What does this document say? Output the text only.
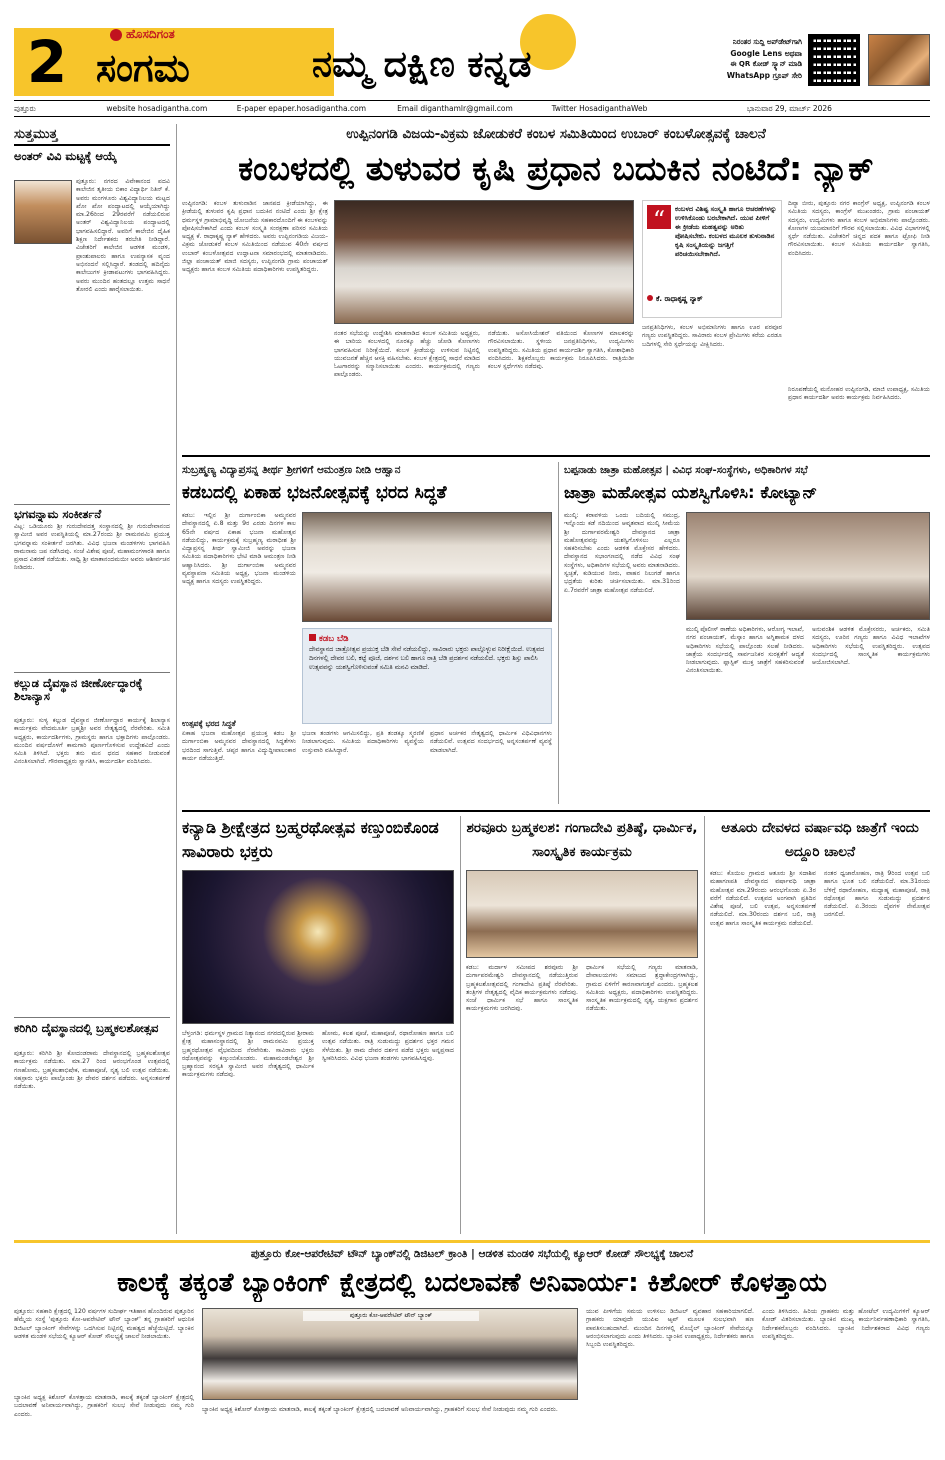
2	ಹೊಸದಿಗಂತ
ಸಂಗಮ	ನಮ್ಮ ದಕ್ಷಿಣ ಕನ್ನಡ
ನಿರಂತರ ಸುದ್ದಿ ಅಪ್‌ಡೇಟ್‌ಗಾಗಿ
Google Lens ಅಥವಾ
ಈ QR ಕೋಡ್ ಸ್ಕ್ಯಾನ್ ಮಾಡಿ
WhatsApp ಗ್ರೂಪ್ ಸೇರಿ
ಪುತ್ತೂರು	website hosadigantha.com	E-paper epaper.hosadigantha.com	Email diganthamlr@gmail.com	Twitter HosadiganthaWeb	ಭಾನುವಾರ 29, ಮಾರ್ಚ್ 2026
ಸುತ್ತಮುತ್ತ
ಅಂತರ್ ವಿವಿ ಮಟ್ಟಕ್ಕೆ ಆಯ್ಕೆ
ಪುತ್ತೂರು: ನಗರದ ವಿವೇಕಾನಂದ ಪದವಿ ಕಾಲೇಜಿನ ತೃತೀಯ ಬಿಕಾಂ ವಿದ್ಯಾರ್ಥಿ ನಿತಿನ್ ಕೆ. ಅವರು ಮಂಗಳೂರು ವಿಶ್ವವಿದ್ಯಾನಿಲಯ ಮಟ್ಟದ ಖೋ ಖೋ ಪಂದ್ಯಾಟದಲ್ಲಿ ಆಯ್ಕೆಯಾಗಿದ್ದು ಮಾ.26ರಿಂದ 29ರವರೆಗೆ ನಡೆಯಲಿರುವ ಅಂತರ್ ವಿಶ್ವವಿದ್ಯಾನಿಲಯ ಪಂದ್ಯಾಟದಲ್ಲಿ ಭಾಗವಹಿಸಲಿದ್ದಾರೆ. ಅವರಿಗೆ ಕಾಲೇಜಿನ ದೈಹಿಕ ಶಿಕ್ಷಣ ನಿರ್ದೇಶಕರು ತರಬೇತಿ ನೀಡಿದ್ದಾರೆ. ವಿಜೇತರಿಗೆ ಕಾಲೇಜಿನ ಆಡಳಿತ ಮಂಡಳಿ, ಪ್ರಾಂಶುಪಾಲರು ಹಾಗೂ ಉಪನ್ಯಾಸಕ ವೃಂದ ಅಭಿನಂದನೆ ಸಲ್ಲಿಸಿದ್ದಾರೆ. ತಂಡದಲ್ಲಿ ಹದಿನೈದು ಕಾಲೇಜುಗಳ ಕ್ರೀಡಾಪಟುಗಳು ಭಾಗವಹಿಸಿದ್ದರು. ಅವರು ಮುಂದಿನ ಹಂತದಲ್ಲೂ ಉತ್ತಮ ಸಾಧನೆ ತೋರಲಿ ಎಂದು ಹಾರೈಸಲಾಯಿತು.
ಭಗವನ್ನಾಮ ಸಂಕೀರ್ತನೆ
ವಿಟ್ಲ: ಒಡಿಯೂರು ಶ್ರೀ ಗುರುದೇವದತ್ತ ಸಂಸ್ಥಾನದಲ್ಲಿ ಶ್ರೀ ಗುರುದೇವಾನಂದ ಸ್ವಾಮೀಜಿ ಅವರ ಉಪಸ್ಥಿತಿಯಲ್ಲಿ ಮಾ.27ರಂದು ಶ್ರೀ ರಾಮನವಮಿ ಪ್ರಯುಕ್ತ ಭಗವನ್ನಾಮ ಸಂಕೀರ್ತನೆ ಜರಗಿತು. ವಿವಿಧ ಭಜನಾ ಮಂಡಳಿಗಳು ಭಾಗವಹಿಸಿ ರಾಮನಾಮ ಜಪ ನಡೆಸಿದವು. ಸಂಜೆ ವಿಶೇಷ ಪೂಜೆ, ಮಹಾಮಂಗಳಾರತಿ ಹಾಗೂ ಪ್ರಸಾದ ವಿತರಣೆ ನಡೆಯಿತು. ಸಾಧ್ವಿ ಶ್ರೀ ಮಾತಾನಂದಮಯೀ ಅವರು ಆಶೀರ್ವಚನ ನೀಡಿದರು.
ಕಲ್ಲುಡ ದೈವಸ್ಥಾನ ಜೀರ್ಣೋದ್ಧಾರಕ್ಕೆ ಶಿಲಾನ್ಯಾಸ
ಪುತ್ತೂರು: ಸುಳ್ಯ ಕಲ್ಲುಡ ದೈವಸ್ಥಾನ ಜೀರ್ಣೋದ್ಧಾರ ಕಾರ್ಯಕ್ಕೆ ಶಿಲಾನ್ಯಾಸ ಕಾರ್ಯಕ್ರಮ ವೇದಮೂರ್ತಿ ಬ್ರಹ್ಮಶ್ರೀ ಅವರ ನೇತೃತ್ವದಲ್ಲಿ ನೆರವೇರಿತು. ಸಮಿತಿ ಅಧ್ಯಕ್ಷರು, ಕಾರ್ಯದರ್ಶಿಗಳು, ಗ್ರಾಮಸ್ಥರು ಹಾಗೂ ಭಕ್ತಾದಿಗಳು ಪಾಲ್ಗೊಂಡರು. ಮುಂದಿನ ವರ್ಷದೊಳಗೆ ಕಾಮಗಾರಿ ಪೂರ್ಣಗೊಳಿಸುವ ಉದ್ದೇಶವಿದೆ ಎಂದು ಸಮಿತಿ ತಿಳಿಸಿದೆ. ಭಕ್ತರು ತನು ಮನ ಧನದ ಸಹಕಾರ ನೀಡುವಂತೆ ವಿನಂತಿಸಲಾಗಿದೆ. ಗೌರವಾಧ್ಯಕ್ಷರು ಸ್ವಾಗತಿಸಿ, ಕಾರ್ಯದರ್ಶಿ ವಂದಿಸಿದರು.
ಕರಿಗಿರಿ ದೈವಸ್ಥಾನದಲ್ಲಿ ಬ್ರಹ್ಮಕಲಶೋತ್ಸವ
ಪುತ್ತೂರು: ಕರಿಗಿರಿ ಶ್ರೀ ಕೋದಂಡರಾಮ ದೇವಸ್ಥಾನದಲ್ಲಿ ಬ್ರಹ್ಮಕಲಶೋತ್ಸವ ಕಾರ್ಯಕ್ರಮ ನಡೆಯಿತು. ಮಾ.27 ರಿಂದ ಆರಂಭಗೊಂಡ ಉತ್ಸವದಲ್ಲಿ ಗಣಹೋಮ, ಬ್ರಹ್ಮಕಲಶಾಭಿಷೇಕ, ಮಹಾಪೂಜೆ, ನೃತ್ಯ ಬಲಿ ಉತ್ಸವ ನಡೆಯಿತು. ಸಹಸ್ರಾರು ಭಕ್ತರು ಪಾಲ್ಗೊಂಡು ಶ್ರೀ ದೇವರ ದರ್ಶನ ಪಡೆದರು. ಅನ್ನಸಂತರ್ಪಣೆ ನಡೆಯಿತು.
ಉಪ್ಪಿನಂಗಡಿ ವಿಜಯ-ವಿಕ್ರಮ ಜೋಡುಕರೆ ಕಂಬಳ ಸಮಿತಿಯಿಂದ ಉಬಾರ್ ಕಂಬಳೋತ್ಸವಕ್ಕೆ ಚಾಲನೆ
ಕಂಬಳದಲ್ಲಿ ತುಳುವರ ಕೃಷಿ ಪ್ರಧಾನ ಬದುಕಿನ ನಂಟಿದೆ: ನ್ಯಾಕ್
ಉಪ್ಪಿನಂಗಡಿ: ಕಂಬಳ ತುಳುನಾಡಿನ ಜಾನಪದ ಕ್ರೀಡೆಯಾಗಿದ್ದು, ಈ ಕ್ರೀಡೆಯಲ್ಲಿ ತುಳುವರ ಕೃಷಿ ಪ್ರಧಾನ ಬದುಕಿನ ನಂಟಿದೆ ಎಂದು ಶ್ರೀ ಕ್ಷೇತ್ರ ಧರ್ಮಸ್ಥಳ ಗ್ರಾಮಾಭಿವೃದ್ಧಿ ಯೋಜನೆಯ ಸಹಕಾರದೊಂದಿಗೆ ಈ ಕಂಬಳವನ್ನು ಪೋಷಿಸಬೇಕಾಗಿದೆ ಎಂದು ಕಂಬಳ ಸಂಸ್ಕೃತಿ ಸಂರಕ್ಷಣಾ ಪರಿಸರ ಸಮಿತಿಯ ಅಧ್ಯಕ್ಷ ಕೆ. ರಾಧಾಕೃಷ್ಣ ನ್ಯಾಕ್ ಹೇಳಿದರು. ಅವರು ಉಪ್ಪಿನಂಗಡಿಯ ವಿಜಯ-ವಿಕ್ರಮ ಜೋಡುಕರೆ ಕಂಬಳ ಸಮಿತಿಯಿಂದ ನಡೆಯುವ 40ನೇ ವರ್ಷದ ಉಬಾರ್ ಕಂಬಳೋತ್ಸವದ ಉದ್ಘಾಟನಾ ಸಮಾರಂಭದಲ್ಲಿ ಮಾತನಾಡಿದರು. ಜಿಲ್ಲಾ ಪಂಚಾಯತ್ ಮಾಜಿ ಸದಸ್ಯರು, ಉಪ್ಪಿನಂಗಡಿ ಗ್ರಾಮ ಪಂಚಾಯತ್ ಅಧ್ಯಕ್ಷರು ಹಾಗೂ ಕಂಬಳ ಸಮಿತಿಯ ಪದಾಧಿಕಾರಿಗಳು ಉಪಸ್ಥಿತರಿದ್ದರು.
ನಂತರ ಸಭೆಯನ್ನು ಉದ್ದೇಶಿಸಿ ಮಾತನಾಡಿದ ಕಂಬಳ ಸಮಿತಿಯ ಅಧ್ಯಕ್ಷರು, ಈ ಬಾರಿಯ ಕಂಬಳದಲ್ಲಿ ನೂರಕ್ಕೂ ಹೆಚ್ಚು ಜೋಡಿ ಕೋಣಗಳು ಭಾಗವಹಿಸುವ ನಿರೀಕ್ಷೆಯಿದೆ. ಕಂಬಳ ಕ್ರೀಡೆಯನ್ನು ಉಳಿಸುವ ನಿಟ್ಟಿನಲ್ಲಿ ಯುವಜನತೆ ಹೆಚ್ಚಿನ ಆಸಕ್ತಿ ವಹಿಸಬೇಕು. ಕಂಬಳ ಕ್ಷೇತ್ರದಲ್ಲಿ ಸಾಧನೆ ಮಾಡಿದ ಓಟಗಾರರನ್ನು ಸನ್ಮಾನಿಸಲಾಯಿತು ಎಂದರು. ಕಾರ್ಯಕ್ರಮದಲ್ಲಿ ಗಣ್ಯರು ಪಾಲ್ಗೊಂಡರು.
ನಡೆಯಿತು. ಅಸೋಸಿಯೇಶನ್ ವತಿಯಿಂದ ಕೋಣಗಳ ಮಾಲಕರನ್ನು ಗೌರವಿಸಲಾಯಿತು. ಸ್ಥಳೀಯ ಜನಪ್ರತಿನಿಧಿಗಳು, ಉದ್ಯಮಿಗಳು ಉಪಸ್ಥಿತರಿದ್ದರು. ಸಮಿತಿಯ ಪ್ರಧಾನ ಕಾರ್ಯದರ್ಶಿ ಸ್ವಾಗತಿಸಿ, ಕೋಶಾಧಿಕಾರಿ ವಂದಿಸಿದರು. ಶಿಕ್ಷಕರೊಬ್ಬರು ಕಾರ್ಯಕ್ರಮ ನಿರೂಪಿಸಿದರು. ರಾತ್ರಿಯಿಡೀ ಕಂಬಳ ಸ್ಪರ್ಧೆಗಳು ನಡೆದವು.
“	ಕಂಬಳದ ವಿಶಿಷ್ಟ ಸಂಸ್ಕೃತಿ ಹಾಗೂ ಆಚರಣೆಗಳನ್ನು ಉಳಿಸಿಕೊಂಡು ಬರಬೇಕಾಗಿದೆ. ಯುವ ಪೀಳಿಗೆ ಈ ಕ್ರೀಡೆಯ ಮಹತ್ವವನ್ನು ಅರಿತು ಪೋಷಿಸಬೇಕು. ಕಂಬಳದ ಮೂಲಕ ತುಳುನಾಡಿನ ಕೃಷಿ ಸಂಸ್ಕೃತಿಯನ್ನು ಜಗತ್ತಿಗೆ ಪರಿಚಯಿಸಬೇಕಾಗಿದೆ.
ಕೆ. ರಾಧಾಕೃಷ್ಣ ನ್ಯಾಕ್
ಜನಪ್ರತಿನಿಧಿಗಳು, ಕಂಬಳ ಅಭಿಮಾನಿಗಳು ಹಾಗೂ ಊರ ಪರವೂರ ಗಣ್ಯರು ಉಪಸ್ಥಿತರಿದ್ದರು. ಸಾವಿರಾರು ಕಂಬಳ ಪ್ರೇಮಿಗಳು ಕರೆಯ ಎರಡೂ ಬದಿಗಳಲ್ಲಿ ಸೇರಿ ಸ್ಪರ್ಧೆಯನ್ನು ವೀಕ್ಷಿಸಿದರು.
ದಿವ್ಯಾ ಬೀರು, ಪುತ್ತೂರು ನಗರ ಕಾಂಗ್ರೆಸ್ ಅಧ್ಯಕ್ಷ, ಉಪ್ಪಿನಂಗಡಿ ಕಂಬಳ ಸಮಿತಿಯ ಸದಸ್ಯರು, ಕಾಂಗ್ರೆಸ್ ಮುಖಂಡರು, ಗ್ರಾಮ ಪಂಚಾಯತ್ ಸದಸ್ಯರು, ಉದ್ಯಮಿಗಳು ಹಾಗೂ ಕಂಬಳ ಅಭಿಮಾನಿಗಳು ಪಾಲ್ಗೊಂಡರು. ಕೋಣಗಳ ಯಜಮಾನರಿಗೆ ಗೌರವ ಸಲ್ಲಿಸಲಾಯಿತು. ವಿವಿಧ ವಿಭಾಗಗಳಲ್ಲಿ ಸ್ಪರ್ಧೆ ನಡೆಯಿತು. ವಿಜೇತರಿಗೆ ಚಿನ್ನದ ಪದಕ ಹಾಗೂ ಟ್ರೋಫಿ ನೀಡಿ ಗೌರವಿಸಲಾಯಿತು. ಕಂಬಳ ಸಮಿತಿಯ ಕಾರ್ಯದರ್ಶಿ ಸ್ವಾಗತಿಸಿ, ವಂದಿಸಿದರು.
ನಿರೂಪಣೆಯಲ್ಲಿ ಮನೋಹರ ಉಪ್ಪಿನಂಗಡಿ, ಮಾಜಿ ಉಪಾಧ್ಯಕ್ಷ, ಸಮಿತಿಯ ಪ್ರಧಾನ ಕಾರ್ಯದರ್ಶಿ ಅವರು ಕಾರ್ಯಕ್ರಮ ನಿರ್ವಹಿಸಿದರು.
ಸುಬ್ರಹ್ಮಣ್ಯ ವಿದ್ಯಾಪ್ರಸನ್ನ ತೀರ್ಥ ಶ್ರೀಗಳಿಗೆ ಆಮಂತ್ರಣ ನೀಡಿ ಆಹ್ವಾನ
ಕಡಬದಲ್ಲಿ ಏಕಾಹ ಭಜನೋತ್ಸವಕ್ಕೆ ಭರದ ಸಿದ್ಧತೆ
ಕಡಬ: ಇಲ್ಲಿನ ಶ್ರೀ ದುರ್ಗಾಂಬಿಕಾ ಅಮ್ಮನವರ ದೇವಸ್ಥಾನದಲ್ಲಿ ಏ.8 ಮತ್ತು 9ರ ಎರಡು ದಿನಗಳ ಕಾಲ 65ನೇ ವರ್ಷದ ಏಕಾಹ ಭಜನಾ ಮಹೋತ್ಸವ ನಡೆಯಲಿದ್ದು, ಕಾರ್ಯಕ್ರಮಕ್ಕೆ ಸುಬ್ರಹ್ಮಣ್ಯ ಮಠಾಧೀಶ ಶ್ರೀ ವಿದ್ಯಾಪ್ರಸನ್ನ ತೀರ್ಥ ಸ್ವಾಮೀಜಿ ಅವರನ್ನು ಭಜನಾ ಸಮಿತಿಯ ಪದಾಧಿಕಾರಿಗಳು ಭೇಟಿ ಮಾಡಿ ಆಮಂತ್ರಣ ನೀಡಿ ಆಹ್ವಾನಿಸಿದರು. ಶ್ರೀ ದುರ್ಗಾಂಬಿಕಾ ಅಮ್ಮನವರ ವ್ಯವಸ್ಥಾಪನಾ ಸಮಿತಿಯ ಅಧ್ಯಕ್ಷ, ಭಜನಾ ಮಂಡಳಿಯ ಅಧ್ಯಕ್ಷ ಹಾಗೂ ಸದಸ್ಯರು ಉಪಸ್ಥಿತರಿದ್ದರು.
ಉತ್ಸವಕ್ಕೆ ಭರದ ಸಿದ್ಧತೆ
ಏಕಾಹ ಭಜನಾ ಮಹೋತ್ಸವ ಪ್ರಯುಕ್ತ ಕಡಬ ಶ್ರೀ ದುರ್ಗಾಂಬಿಕಾ ಅಮ್ಮನವರ ದೇವಸ್ಥಾನದಲ್ಲಿ ಸಿದ್ಧತೆಗಳು ಭರದಿಂದ ಸಾಗುತ್ತಿವೆ. ಚಪ್ಪರ ಹಾಗೂ ವಿದ್ಯುದ್ದೀಪಾಲಂಕಾರ ಕಾರ್ಯ ನಡೆಯುತ್ತಿದೆ.
ಕಡಬ ಬೆಡಿ
ದೇವಸ್ಥಾನದ ಜಾತ್ರೋತ್ಸವ ಪ್ರಯುಕ್ತ ಬೆಡಿ ಸೇವೆ ನಡೆಯಲಿದ್ದು, ಸಾವಿರಾರು ಭಕ್ತರು ಪಾಲ್ಗೊಳ್ಳುವ ನಿರೀಕ್ಷೆಯಿದೆ. ಉತ್ಸವದ ದಿನಗಳಲ್ಲಿ ದೇವರ ಬಲಿ, ಕಟ್ಟೆ ಪೂಜೆ, ದರ್ಶನ ಬಲಿ ಹಾಗೂ ರಾತ್ರಿ ಬೆಡಿ ಪ್ರದರ್ಶನ ನಡೆಯಲಿದೆ. ಭಕ್ತರು ಶಿಸ್ತು ಪಾಲಿಸಿ ಉತ್ಸವವನ್ನು ಯಶಸ್ವಿಗೊಳಿಸುವಂತೆ ಸಮಿತಿ ಮನವಿ ಮಾಡಿದೆ.
ಭಜನಾ ತಂಡಗಳು ಆಗಮಿಸಲಿದ್ದು, ಪ್ರತಿ ತಂಡಕ್ಕೂ ಸ್ಮರಣಿಕೆ ನೀಡಲಾಗುವುದು. ಸಮಿತಿಯ ಪದಾಧಿಕಾರಿಗಳು ವ್ಯವಸ್ಥೆಯ ಉಸ್ತುವಾರಿ ವಹಿಸಿದ್ದಾರೆ.
ಪ್ರಧಾನ ಅರ್ಚಕರ ನೇತೃತ್ವದಲ್ಲಿ ಧಾರ್ಮಿಕ ವಿಧಿವಿಧಾನಗಳು ನಡೆಯಲಿವೆ. ಉತ್ಸವದ ಸಂದರ್ಭದಲ್ಲಿ ಅನ್ನಸಂತರ್ಪಣೆ ವ್ಯವಸ್ಥೆ ಮಾಡಲಾಗಿದೆ.
ಬಪ್ಪನಾಡು ಜಾತ್ರಾ ಮಹೋತ್ಸವ | ವಿವಿಧ ಸಂಘ-ಸಂಸ್ಥೆಗಳು, ಅಧಿಕಾರಿಗಳ ಸಭೆ
ಜಾತ್ರಾ ಮಹೋತ್ಸವ ಯಶಸ್ವಿಗೊಳಿಸಿ: ಕೋಟ್ಯಾನ್
ಮುಲ್ಕಿ: ಕರಾವಳಿಯ ಒಂದು ಬದಿಯಲ್ಲಿ ಸಮುದ್ರ, ಇನ್ನೊಂದು ಕಡೆ ನದಿಯಿಂದ ಆವೃತವಾದ ಮುಲ್ಕಿ ಸೀಮೆಯ ಶ್ರೀ ದುರ್ಗಾಪರಮೇಶ್ವರಿ ದೇವಸ್ಥಾನದ ಜಾತ್ರಾ ಮಹೋತ್ಸವವನ್ನು ಯಶಸ್ವಿಗೊಳಿಸಲು ಎಲ್ಲರೂ ಸಹಕರಿಸಬೇಕು ಎಂದು ಆಡಳಿತ ಮೊಕ್ತೇಸರ ಹೇಳಿದರು. ದೇವಸ್ಥಾನದ ಸಭಾಂಗಣದಲ್ಲಿ ನಡೆದ ವಿವಿಧ ಸಂಘ ಸಂಸ್ಥೆಗಳು, ಅಧಿಕಾರಿಗಳ ಸಭೆಯಲ್ಲಿ ಅವರು ಮಾತನಾಡಿದರು. ಸ್ವಚ್ಛತೆ, ಕುಡಿಯುವ ನೀರು, ವಾಹನ ನಿಲುಗಡೆ ಹಾಗೂ ಭದ್ರತೆಯ ಕುರಿತು ಚರ್ಚಿಸಲಾಯಿತು. ಮಾ.31ರಿಂದ ಏ.7ರವರೆಗೆ ಜಾತ್ರಾ ಮಹೋತ್ಸವ ನಡೆಯಲಿದೆ.
ಮುಲ್ಕಿ ಪೊಲೀಸ್ ಠಾಣೆಯ ಅಧಿಕಾರಿಗಳು, ಆರೋಗ್ಯ ಇಲಾಖೆ, ನಗರ ಪಂಚಾಯತ್, ಮೆಸ್ಕಾಂ ಹಾಗೂ ಅಗ್ನಿಶಾಮಕ ದಳದ ಅಧಿಕಾರಿಗಳು ಸಭೆಯಲ್ಲಿ ಪಾಲ್ಗೊಂಡು ಸಲಹೆ ನೀಡಿದರು. ಜಾತ್ರೆಯ ಸಂದರ್ಭದಲ್ಲಿ ಸಾರ್ವಜನಿಕರ ಸುರಕ್ಷತೆಗೆ ಆದ್ಯತೆ ನೀಡಲಾಗುವುದು. ಪ್ಲಾಸ್ಟಿಕ್ ಮುಕ್ತ ಜಾತ್ರೆಗೆ ಸಹಕರಿಸುವಂತೆ ವಿನಂತಿಸಲಾಯಿತು.
ಅನುವಂಶಿಕ ಆಡಳಿತ ಮೊಕ್ತೇಸರರು, ಅರ್ಚಕರು, ಸಮಿತಿ ಸದಸ್ಯರು, ಊರಿನ ಗಣ್ಯರು ಹಾಗೂ ವಿವಿಧ ಇಲಾಖೆಗಳ ಅಧಿಕಾರಿಗಳು ಸಭೆಯಲ್ಲಿ ಉಪಸ್ಥಿತರಿದ್ದರು. ಉತ್ಸವದ ಸಂದರ್ಭದಲ್ಲಿ ಸಾಂಸ್ಕೃತಿಕ ಕಾರ್ಯಕ್ರಮಗಳು ಆಯೋಜಿಸಲಾಗಿದೆ.
ಕನ್ಯಾಡಿ ಶ್ರೀಕ್ಷೇತ್ರದ ಬ್ರಹ್ಮರಥೋತ್ಸವ ಕಣ್ತುಂಬಿಕೊಂಡ ಸಾವಿರಾರು ಭಕ್ತರು
ಬೆಳ್ತಂಗಡಿ: ಧರ್ಮಸ್ಥಳ ಗ್ರಾಮದ ನಿತ್ಯಾನಂದ ನಗರದಲ್ಲಿರುವ ಶ್ರೀರಾಮ ಕ್ಷೇತ್ರ ಮಹಾಸಂಸ್ಥಾನದಲ್ಲಿ ಶ್ರೀ ರಾಮನವಮಿ ಪ್ರಯುಕ್ತ ಬ್ರಹ್ಮರಥೋತ್ಸವ ವೈಭವದಿಂದ ನೆರವೇರಿತು. ಸಾವಿರಾರು ಭಕ್ತರು ರಥೋತ್ಸವವನ್ನು ಕಣ್ತುಂಬಿಕೊಂಡರು. ಮಹಾಮಂಡಲೇಶ್ವರ ಶ್ರೀ ಬ್ರಹ್ಮಾನಂದ ಸರಸ್ವತಿ ಸ್ವಾಮೀಜಿ ಅವರ ನೇತೃತ್ವದಲ್ಲಿ ಧಾರ್ಮಿಕ ಕಾರ್ಯಕ್ರಮಗಳು ನಡೆದವು.
ಹೋಮ, ಕಲಶ ಪೂಜೆ, ಮಹಾಪೂಜೆ, ರಥಾರೋಹಣ ಹಾಗೂ ಬಲಿ ಉತ್ಸವ ನಡೆಯಿತು. ರಾತ್ರಿ ಸುಡುಮದ್ದು ಪ್ರದರ್ಶನ ಭಕ್ತರ ಗಮನ ಸೆಳೆಯಿತು. ಶ್ರೀ ರಾಮ ದೇವರ ದರ್ಶನ ಪಡೆದ ಭಕ್ತರು ಅನ್ನಪ್ರಸಾದ ಸ್ವೀಕರಿಸಿದರು. ವಿವಿಧ ಭಜನಾ ತಂಡಗಳು ಭಾಗವಹಿಸಿದ್ದವು.
ಶರವೂರು ಬ್ರಹ್ಮಕಲಶ: ಗಂಗಾದೇವಿ ಪ್ರತಿಷ್ಠೆ, ಧಾರ್ಮಿಕ, ಸಾಂಸ್ಕೃತಿಕ ಕಾರ್ಯಕ್ರಮ
ಕಡಬ: ಮರ್ದಾಳ ಸಮೀಪದ ಶರವೂರು ಶ್ರೀ ದುರ್ಗಾಪರಮೇಶ್ವರಿ ದೇವಸ್ಥಾನದಲ್ಲಿ ನಡೆಯುತ್ತಿರುವ ಬ್ರಹ್ಮಕಲಶೋತ್ಸವದಲ್ಲಿ ಗಂಗಾದೇವಿ ಪ್ರತಿಷ್ಠೆ ನೆರವೇರಿತು. ತಂತ್ರಿಗಳ ನೇತೃತ್ವದಲ್ಲಿ ವೈದಿಕ ಕಾರ್ಯಕ್ರಮಗಳು ನಡೆದವು. ಸಂಜೆ ಧಾರ್ಮಿಕ ಸಭೆ ಹಾಗೂ ಸಾಂಸ್ಕೃತಿಕ ಕಾರ್ಯಕ್ರಮಗಳು ಜರಗಿದವು.
ಧಾರ್ಮಿಕ ಸಭೆಯಲ್ಲಿ ಗಣ್ಯರು ಮಾತನಾಡಿ, ದೇವಾಲಯಗಳು ಸಮಾಜದ ಶ್ರದ್ಧಾಕೇಂದ್ರಗಳಾಗಿದ್ದು, ಗ್ರಾಮದ ಏಳಿಗೆಗೆ ಕಾರಣವಾಗುತ್ತವೆ ಎಂದರು. ಬ್ರಹ್ಮಕಲಶ ಸಮಿತಿಯ ಅಧ್ಯಕ್ಷರು, ಪದಾಧಿಕಾರಿಗಳು ಉಪಸ್ಥಿತರಿದ್ದರು. ಸಾಂಸ್ಕೃತಿಕ ಕಾರ್ಯಕ್ರಮದಲ್ಲಿ ನೃತ್ಯ, ಯಕ್ಷಗಾನ ಪ್ರದರ್ಶನ ನಡೆಯಿತು.
ಆತೂರು ದೇವಳದ ವರ್ಷಾವಧಿ ಜಾತ್ರೆಗೆ ಇಂದು ಅದ್ದೂರಿ ಚಾಲನೆ
ಕಡಬ: ಕೊಯಿಲ ಗ್ರಾಮದ ಆತೂರು ಶ್ರೀ ಸದಾಶಿವ ಮಹಾಗಣಪತಿ ದೇವಸ್ಥಾನದ ವರ್ಷಾವಧಿ ಜಾತ್ರಾ ಮಹೋತ್ಸವ ಮಾ.29ರಂದು ಆರಂಭಗೊಂಡು ಏ.3ರ ವರೆಗೆ ನಡೆಯಲಿದೆ. ಉತ್ಸವದ ಅಂಗವಾಗಿ ಪ್ರತಿದಿನ ವಿಶೇಷ ಪೂಜೆ, ಬಲಿ ಉತ್ಸವ, ಅನ್ನಸಂತರ್ಪಣೆ ನಡೆಯಲಿದೆ. ಮಾ.30ರಂದು ದರ್ಶನ ಬಲಿ, ರಾತ್ರಿ ಉತ್ಸವ ಹಾಗೂ ಸಾಂಸ್ಕೃತಿಕ ಕಾರ್ಯಕ್ರಮ ನಡೆಯಲಿದೆ.
ನಂತರ ಧ್ವಜಾರೋಹಣ, ರಾತ್ರಿ 9ರಿಂದ ಉತ್ಸವ ಬಲಿ ಹಾಗೂ ಭೂತ ಬಲಿ ನಡೆಯಲಿದೆ. ಮಾ.31ರಂದು ಬೆಳಿಗ್ಗೆ ರಥಾರೋಹಣ, ಮಧ್ಯಾಹ್ನ ಮಹಾಪೂಜೆ, ರಾತ್ರಿ ರಥೋತ್ಸವ ಹಾಗೂ ಸುಡುಮದ್ದು ಪ್ರದರ್ಶನ ನಡೆಯಲಿದೆ. ಏ.3ರಂದು ದೈವಗಳ ನೇಮೋತ್ಸವ ಜರಗಲಿದೆ.
ಪುತ್ತೂರು ಕೋ-ಆಪರೇಟಿವ್ ಟೌನ್ ಬ್ಯಾಂಕ್‌ನಲ್ಲಿ ಡಿಜಿಟಲ್ ಕ್ರಾಂತಿ | ಆಡಳಿತ ಮಂಡಳಿ ಸಭೆಯಲ್ಲಿ ಕ್ಯೂಆರ್ ಕೋಡ್ ಸೌಲಭ್ಯಕ್ಕೆ ಚಾಲನೆ
ಕಾಲಕ್ಕೆ ತಕ್ಕಂತೆ ಬ್ಯಾಂಕಿಂಗ್ ಕ್ಷೇತ್ರದಲ್ಲಿ ಬದಲಾವಣೆ ಅನಿವಾರ್ಯ: ಕಿಶೋರ್ ಕೊಳತ್ತಾಯ
ಪುತ್ತೂರು: ಸಹಕಾರಿ ಕ್ಷೇತ್ರದಲ್ಲಿ 120 ವರ್ಷಗಳ ಸುದೀರ್ಘ ಇತಿಹಾಸ ಹೊಂದಿರುವ ಪುತ್ತೂರಿನ ಹೆಮ್ಮೆಯ ಸಂಸ್ಥೆ 'ಪುತ್ತೂರು ಕೋ-ಆಪರೇಟಿವ್ ಟೌನ್ ಬ್ಯಾಂಕ್' ತನ್ನ ಗ್ರಾಹಕರಿಗೆ ಆಧುನಿಕ ಡಿಜಿಟಲ್ ಬ್ಯಾಂಕಿಂಗ್ ಸೇವೆಗಳನ್ನು ಒದಗಿಸುವ ನಿಟ್ಟಿನಲ್ಲಿ ಮಹತ್ವದ ಹೆಜ್ಜೆಯಿಟ್ಟಿದೆ. ಬ್ಯಾಂಕಿನ ಆಡಳಿತ ಮಂಡಳಿ ಸಭೆಯಲ್ಲಿ ಕ್ಯೂಆರ್ ಕೋಡ್ ಸೌಲಭ್ಯಕ್ಕೆ ಚಾಲನೆ ನೀಡಲಾಯಿತು.
ಬ್ಯಾಂಕಿನ ಅಧ್ಯಕ್ಷ ಕಿಶೋರ್ ಕೊಳತ್ತಾಯ ಮಾತನಾಡಿ, ಕಾಲಕ್ಕೆ ತಕ್ಕಂತೆ ಬ್ಯಾಂಕಿಂಗ್ ಕ್ಷೇತ್ರದಲ್ಲಿ ಬದಲಾವಣೆ ಅನಿವಾರ್ಯವಾಗಿದ್ದು, ಗ್ರಾಹಕರಿಗೆ ಸುಲಭ ಸೇವೆ ನೀಡುವುದು ನಮ್ಮ ಗುರಿ ಎಂದರು.
ಪುತ್ತೂರು ಕೋ-ಆಪರೇಟಿವ್ ಟೌನ್ ಬ್ಯಾಂಕ್
ಯುವ ಪೀಳಿಗೆಯ ಸಮಯ ಉಳಿಸಲು ಡಿಜಿಟಲ್ ವ್ಯವಹಾರ ಸಹಕಾರಿಯಾಗಲಿದೆ. ಗ್ರಾಹಕರು ಯಾವುದೇ ಯುಪಿಐ ಆ್ಯಪ್ ಮೂಲಕ ಸುಲಭವಾಗಿ ಹಣ ಪಾವತಿಸಬಹುದಾಗಿದೆ. ಮುಂದಿನ ದಿನಗಳಲ್ಲಿ ಮೊಬೈಲ್ ಬ್ಯಾಂಕಿಂಗ್ ಸೇವೆಯನ್ನೂ ಆರಂಭಿಸಲಾಗುವುದು ಎಂದು ತಿಳಿಸಿದರು. ಬ್ಯಾಂಕಿನ ಉಪಾಧ್ಯಕ್ಷರು, ನಿರ್ದೇಶಕರು ಹಾಗೂ ಸಿಬ್ಬಂದಿ ಉಪಸ್ಥಿತರಿದ್ದರು.
ಎಂದು ತಿಳಿಸಿದರು. ಹಿರಿಯ ಗ್ರಾಹಕರು ಮತ್ತು ಹೋಟೆಲ್ ಉದ್ಯಮಿಗಳಿಗೆ ಕ್ಯೂಆರ್ ಕೋಡ್ ವಿತರಿಸಲಾಯಿತು. ಬ್ಯಾಂಕಿನ ಮುಖ್ಯ ಕಾರ್ಯನಿರ್ವಹಣಾಧಿಕಾರಿ ಸ್ವಾಗತಿಸಿ, ನಿರ್ದೇಶಕರೊಬ್ಬರು ವಂದಿಸಿದರು. ಬ್ಯಾಂಕಿನ ನಿರ್ದೇಶಕರಾದ ವಿವಿಧ ಗಣ್ಯರು ಉಪಸ್ಥಿತರಿದ್ದರು.
ಬ್ಯಾಂಕಿನ ಅಧ್ಯಕ್ಷ ಕಿಶೋರ್ ಕೊಳತ್ತಾಯ ಮಾತನಾಡಿ, ಕಾಲಕ್ಕೆ ತಕ್ಕಂತೆ ಬ್ಯಾಂಕಿಂಗ್ ಕ್ಷೇತ್ರದಲ್ಲಿ ಬದಲಾವಣೆ ಅನಿವಾರ್ಯವಾಗಿದ್ದು, ಗ್ರಾಹಕರಿಗೆ ಸುಲಭ ಸೇವೆ ನೀಡುವುದು ನಮ್ಮ ಗುರಿ ಎಂದರು.
